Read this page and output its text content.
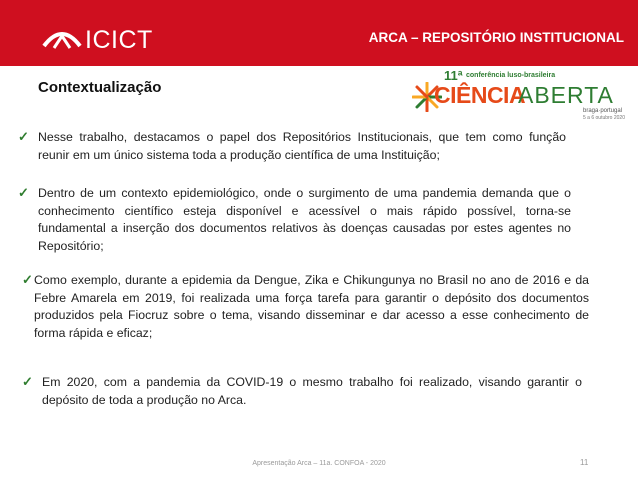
ICICT	ARCA – REPOSITÓRIO INSTITUCIONAL
Contextualização
11ª conferência luso-brasileira
CIÊNCIA
ABERTA
braga·portugal
5 a 6 outubro 2020
✓ Nesse trabalho, destacamos o papel dos Repositórios Institucionais, que tem como função reunir em um único sistema toda a produção científica de uma Instituição;
✓ Dentro de um contexto epidemiológico, onde o surgimento de uma pandemia demanda que o conhecimento científico esteja disponível e acessível o mais rápido possível, torna-se fundamental a inserção dos documentos relativos às doenças causadas por estes agentes no Repositório;
✓ Como exemplo, durante a epidemia da Dengue, Zika e Chikungunya no Brasil no ano de 2016 e da Febre Amarela em 2019, foi realizada uma força tarefa para garantir o depósito dos documentos produzidos pela Fiocruz sobre o tema, visando disseminar e dar acesso a esse conhecimento de forma rápida e eficaz;
✓ Em 2020, com a pandemia da COVID-19 o mesmo trabalho foi realizado, visando garantir o depósito de toda a produção no Arca.
Apresentação Arca – 11a. CONFOA - 2020	11
